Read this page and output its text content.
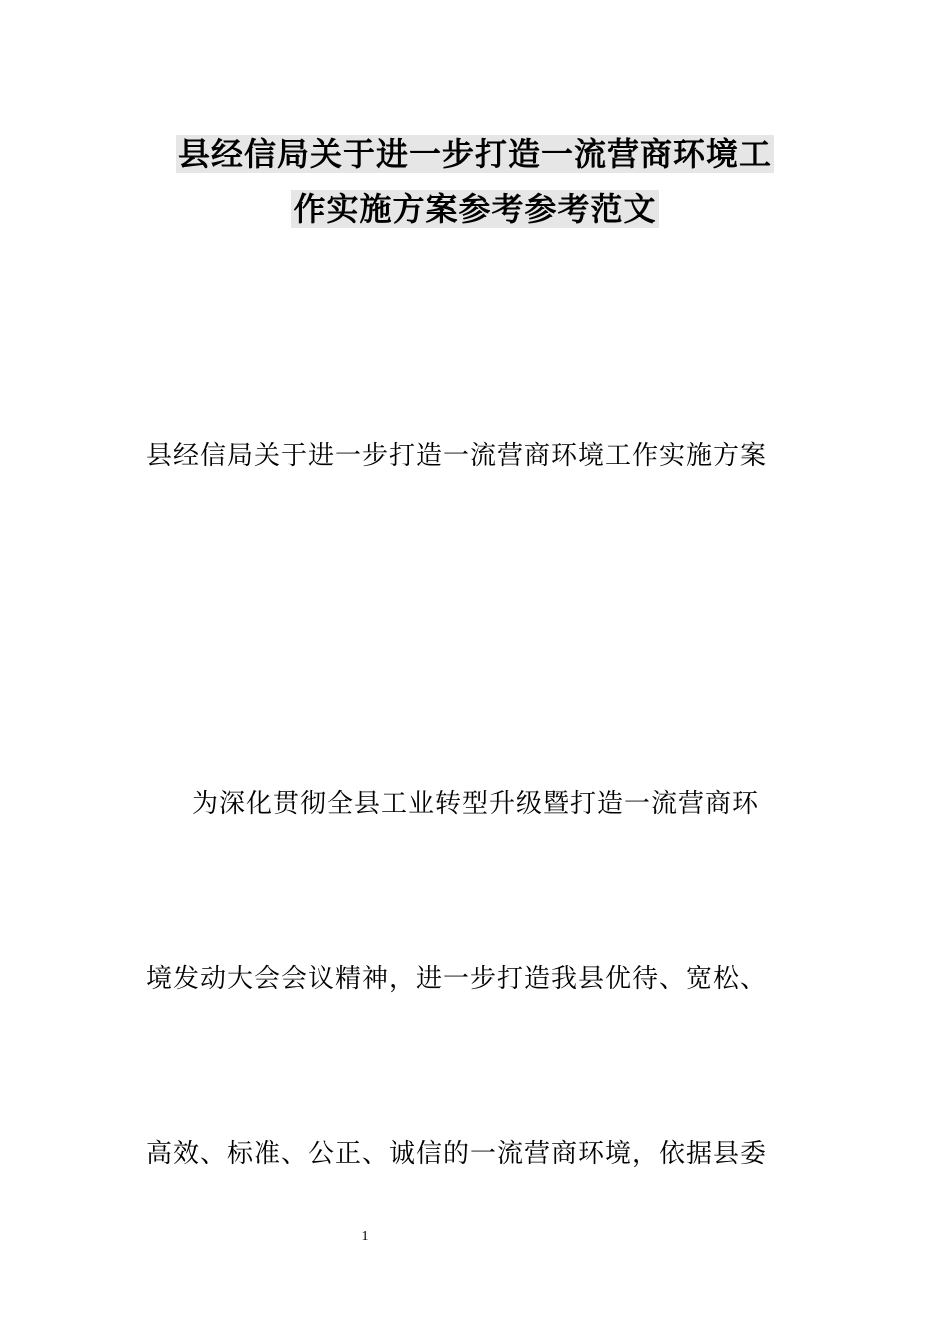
县经信局关于进一步打造一流营商环境工
作实施方案参考参考范文
县经信局关于进一步打造一流营商环境工作实施方案
为深化贯彻全县工业转型升级暨打造一流营商环
境发动大会会议精神，进一步打造我县优待、宽松、
高效、标准、公正、诚信的一流营商环境，依据县委
1
